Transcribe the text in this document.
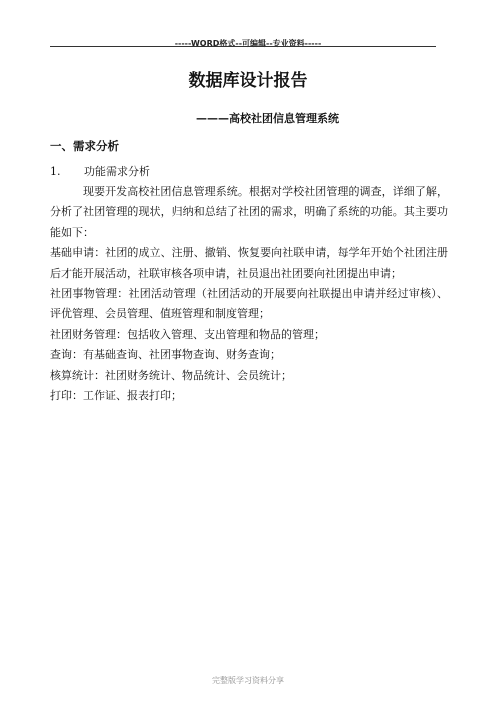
-----WORD格式--可编辑--专业资料-----
数据库设计报告
———高校社团信息管理系统
一、需求分析
1. 功能需求分析

现要开发高校社团信息管理系统。根据对学校社团管理的调查，详细了解，分析了社团管理的现状，归纳和总结了社团的需求，明确了系统的功能。其主要功能如下：

基础申请：社团的成立、注册、撤销、恢复要向社联申请，每学年开始个社团注册后才能开展活动，社联审核各项申请，社员退出社团要向社团提出申请；

社团事物管理：社团活动管理（社团活动的开展要向社联提出申请并经过审核）、评优管理、会员管理、值班管理和制度管理；

社团财务管理：包括收入管理、支出管理和物品的管理；

查询：有基础查询、社团事物查询、财务查询；

核算统计：社团财务统计、物品统计、会员统计；

打印：工作证、报表打印；

完整版学习资料分享
